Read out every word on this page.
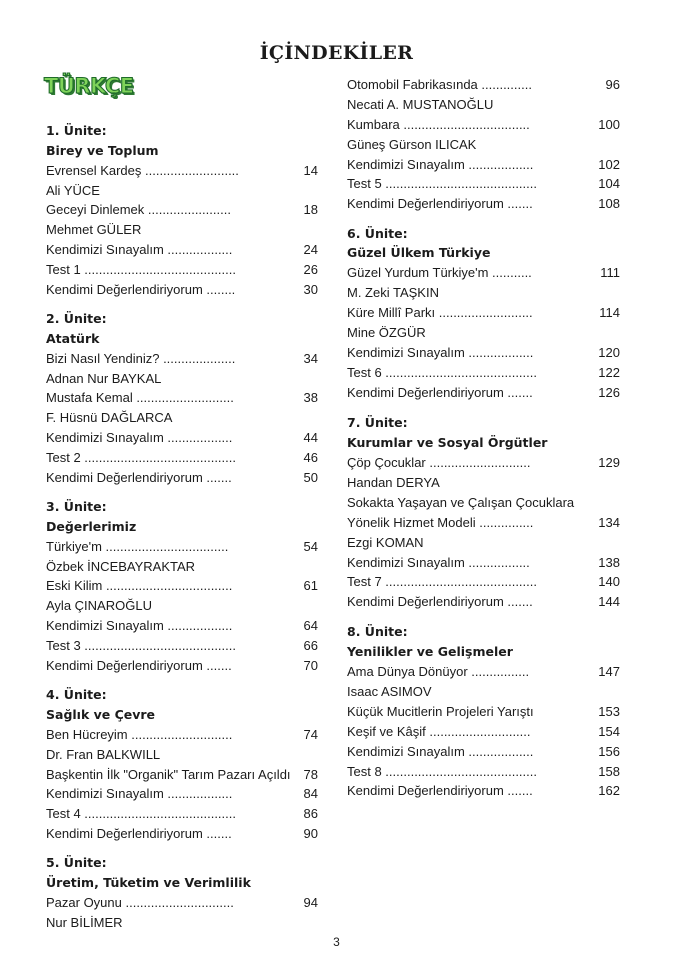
İÇİNDEKİLER
TÜRKÇE
1. Ünite:
Birey ve Toplum
Evrensel Kardeş ..........................	14
Ali YÜCE
Geceyi Dinlemek .......................	18
Mehmet GÜLER
Kendimizi Sınayalım ..................	24
Test 1 ..........................................	26
Kendimi Değerlendiriyorum ........	30
2. Ünite:
Atatürk
Bizi Nasıl Yendiniz? ....................	34
Adnan Nur BAYKAL
Mustafa Kemal ...........................	38
F. Hüsnü DAĞLARCA
Kendimizi Sınayalım ..................	44
Test 2 ..........................................	46
Kendimi Değerlendiriyorum .......	50
3. Ünite:
Değerlerimiz
Türkiye'm ..................................	54
Özbek İNCEBAYRAKTAR
Eski Kilim ...................................	61
Ayla ÇINAROĞLU
Kendimizi Sınayalım ..................	64
Test 3 ..........................................	66
Kendimi Değerlendiriyorum .......	70
4. Ünite:
Sağlık ve Çevre
Ben Hücreyim ............................	74
Dr. Fran BALKWILL
Başkentin İlk "Organik" Tarım Pazarı Açıldı 78
Kendimizi Sınayalım ..................	84
Test 4 ..........................................	86
Kendimi Değerlendiriyorum .......	90
5. Ünite:
Üretim, Tüketim ve Verimlilik
Pazar Oyunu ..............................	94
Nur BİLİMER
Otomobil Fabrikasında ..............	96
Necati A. MUSTANOĞLU
Kumbara ...................................	100
Güneş Gürson ILICAK
Kendimizi Sınayalım ..................	102
Test 5 ..........................................	104
Kendimi Değerlendiriyorum .......	108
6. Ünite:
Güzel Ülkem Türkiye
Güzel Yurdum Türkiye'm ...........	111
M. Zeki TAŞKIN
Küre Millî Parkı ..........................	114
Mine ÖZGÜR
Kendimizi Sınayalım ..................	120
Test 6 ..........................................	122
Kendimi Değerlendiriyorum .......	126
7. Ünite:
Kurumlar ve Sosyal Örgütler
Çöp Çocuklar ............................	129
Handan DERYA
Sokakta Yaşayan ve Çalışan Çocuklara
Yönelik Hizmet Modeli ...............	134
Ezgi KOMAN
Kendimizi Sınayalım .................	138
Test 7 ..........................................	140
Kendimi Değerlendiriyorum .......	144
8. Ünite:
Yenilikler ve Gelişmeler
Ama Dünya Dönüyor ................	147
Isaac ASIMOV
Küçük Mucitlerin Projeleri Yarıştı	153
Keşif ve Kâşif ............................	154
Kendimizi Sınayalım ..................	156
Test 8 ..........................................	158
Kendimi Değerlendiriyorum .......	162
3
